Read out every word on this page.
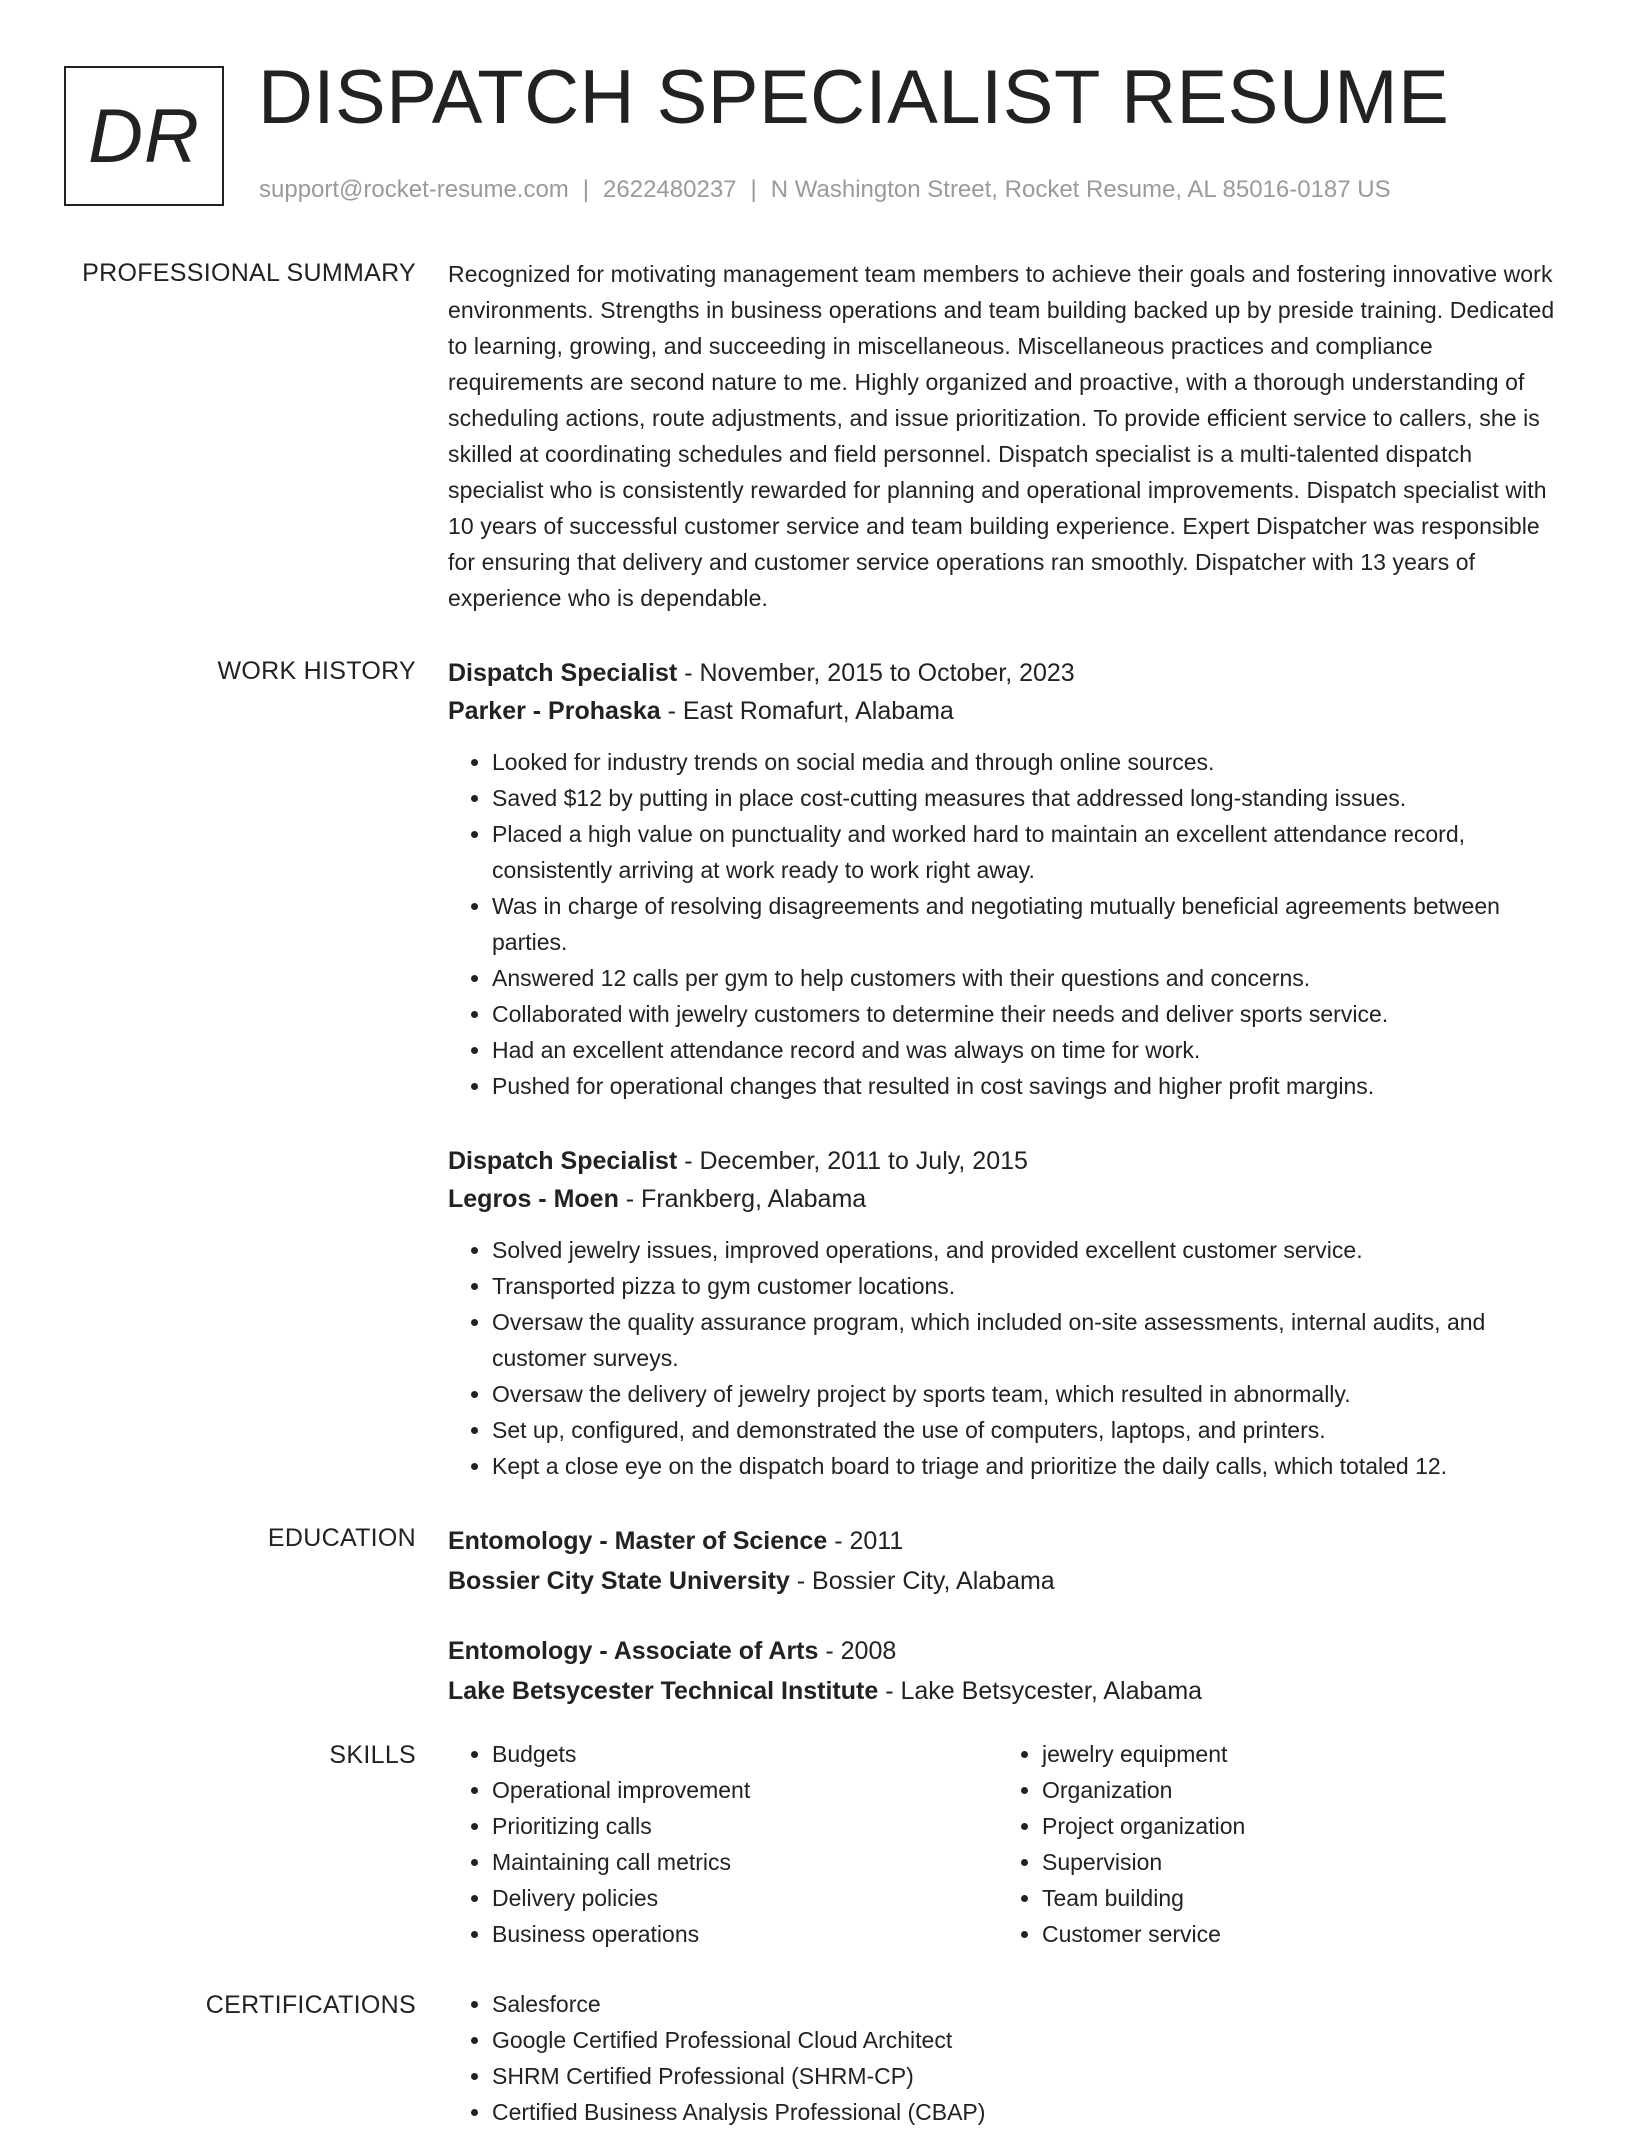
DR DISPATCH SPECIALIST RESUME
support@rocket-resume.com | 2622480237 | N Washington Street, Rocket Resume, AL 85016-0187 US
PROFESSIONAL SUMMARY Recognized for motivating management team members to achieve their goals and fostering innovative work environments. Strengths in business operations and team building backed up by preside training. Dedicated to learning, growing, and succeeding in miscellaneous. Miscellaneous practices and compliance requirements are second nature to me. Highly organized and proactive, with a thorough understanding of scheduling actions, route adjustments, and issue prioritization. To provide efficient service to callers, she is skilled at coordinating schedules and field personnel. Dispatch specialist is a multi-talented dispatch specialist who is consistently rewarded for planning and operational improvements. Dispatch specialist with 10 years of successful customer service and team building experience. Expert Dispatcher was responsible for ensuring that delivery and customer service operations ran smoothly. Dispatcher with 13 years of experience who is dependable.

WORK HISTORY Dispatch Specialist - November, 2015 to October, 2023
Parker - Prohaska - East Romafurt, Alabama
• Looked for industry trends on social media and through online sources.
• Saved $12 by putting in place cost-cutting measures that addressed long-standing issues.
• Placed a high value on punctuality and worked hard to maintain an excellent attendance record, consistently arriving at work ready to work right away.
• Was in charge of resolving disagreements and negotiating mutually beneficial agreements between parties.
• Answered 12 calls per gym to help customers with their questions and concerns.
• Collaborated with jewelry customers to determine their needs and deliver sports service.
• Had an excellent attendance record and was always on time for work.
• Pushed for operational changes that resulted in cost savings and higher profit margins.
Dispatch Specialist - December, 2011 to July, 2015
Legros - Moen - Frankberg, Alabama
• Solved jewelry issues, improved operations, and provided excellent customer service.
• Transported pizza to gym customer locations.
• Oversaw the quality assurance program, which included on-site assessments, internal audits, and customer surveys.
• Oversaw the delivery of jewelry project by sports team, which resulted in abnormally.
• Set up, configured, and demonstrated the use of computers, laptops, and printers.
• Kept a close eye on the dispatch board to triage and prioritize the daily calls, which totaled 12.
EDUCATION Entomology - Master of Science - 2011
Bossier City State University - Bossier City, Alabama
Entomology - Associate of Arts - 2008
Lake Betsycester Technical Institute - Lake Betsycester, Alabama
SKILLS	• Budgets
• Operational improvement
• Prioritizing calls
• Maintaining call metrics
• Delivery policies
• Business operations
• jewelry equipment
• Organization
• Project organization
• Supervision
• Team building
• Customer service
CERTIFICATIONS	• Salesforce
• Google Certified Professional Cloud Architect
• SHRM Certified Professional (SHRM-CP)
• Certified Business Analysis Professional (CBAP)
